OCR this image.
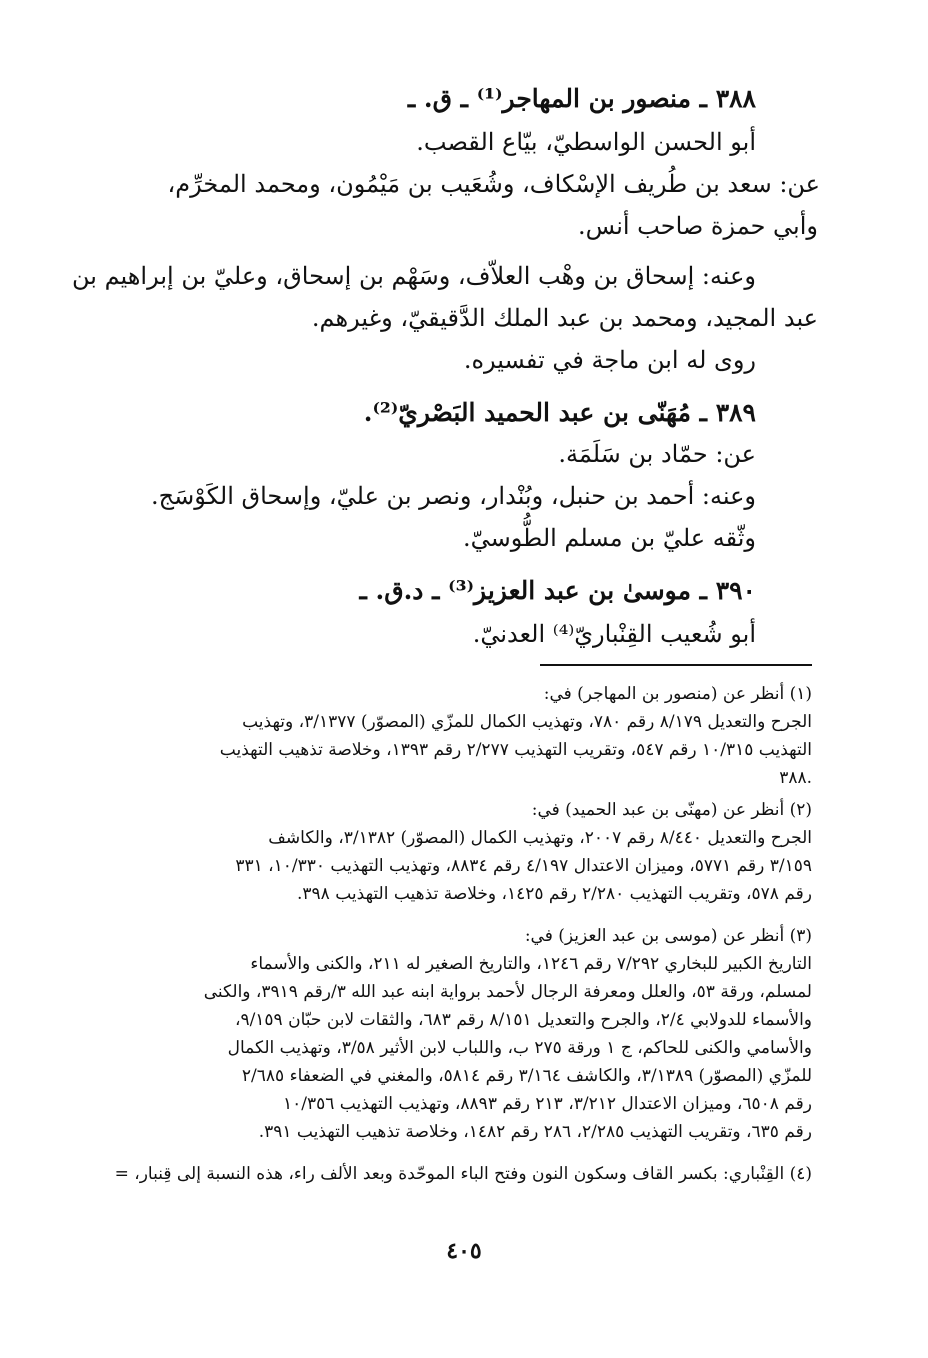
٣٨٨ ـ منصور بن المهاجر⁽¹⁾ ـ ق. ـ
أبو الحسن الواسطيّ، بيّاع القصب.
عن: سعد بن طُريف الإسْكاف، وشُعَيب بن مَيْمُون، ومحمد المخرِّم،
وأبي حمزة صاحب أنس.
وعنه: إسحاق بن وهْب العلاّف، وسَهْم بن إسحاق، وعليّ بن إبراهيم بن
عبد المجيد، ومحمد بن عبد الملك الدَّقيقيّ، وغيرهم.
روى له ابن ماجة في تفسيره.
٣٨٩ ـ مُهَنّى بن عبد الحميد البَصْريّ⁽²⁾.
عن: حمّاد بن سَلَمَة.
وعنه: أحمد بن حنبل، وبُنْدار، ونصر بن عليّ، وإسحاق الكَوْسَج.
وثّقه عليّ بن مسلم الطُّوسيّ.
٣٩٠ ـ موسىٰ بن عبد العزيز⁽³⁾ ـ د.ق. ـ
أبو شُعيب القِنْباريّ⁽⁴⁾ العدنيّ.
(١) أنظر عن (منصور بن المهاجر) في:
الجرح والتعديل ٨/١٧٩ رقم ٧٨٠، وتهذيب الكمال للمزّي (المصوّر) ٣/١٣٧٧، وتهذيب
التهذيب ١٠/٣١٥ رقم ٥٤٧، وتقريب التهذيب ٢/٢٧٧ رقم ١٣٩٣، وخلاصة تذهيب التهذيب
٣٨٨.
(٢) أنظر عن (مهنّى بن عبد الحميد) في:
الجرح والتعديل ٨/٤٤٠ رقم ٢٠٠٧، وتهذيب الكمال (المصوّر) ٣/١٣٨٢، والكاشف
٣/١٥٩ رقم ٥٧٧١، وميزان الاعتدال ٤/١٩٧ رقم ٨٨٣٤، وتهذيب التهذيب ١٠/٣٣٠، ٣٣١
رقم ٥٧٨، وتقريب التهذيب ٢/٢٨٠ رقم ١٤٢٥، وخلاصة تذهيب التهذيب ٣٩٨.
(٣) أنظر عن (موسى بن عبد العزيز) في:
التاريخ الكبير للبخاري ٧/٢٩٢ رقم ١٢٤٦، والتاريخ الصغير له ٢١١، والكنى والأسماء
لمسلم، ورقة ٥٣، والعلل ومعرفة الرجال لأحمد برواية ابنه عبد الله ٣/رقم ٣٩١٩، والكنى
والأسماء للدولابي ٢/٤، والجرح والتعديل ٨/١٥١ رقم ٦٨٣، والثقات لابن حبّان ٩/١٥٩،
والأسامي والكنى للحاكم، ج ١ ورقة ٢٧٥ ب، واللباب لابن الأثير ٣/٥٨، وتهذيب الكمال
للمزّي (المصوّر) ٣/١٣٨٩، والكاشف ٣/١٦٤ رقم ٥٨١٤، والمغني في الضعفاء ٢/٦٨٥
رقم ٦٥٠٨، وميزان الاعتدال ٣/٢١٢، ٢١٣ رقم ٨٨٩٣، وتهذيب التهذيب ١٠/٣٥٦
رقم ٦٣٥، وتقريب التهذيب ٢/٢٨٥، ٢٨٦ رقم ١٤٨٢، وخلاصة تذهيب التهذيب ٣٩١.
(٤) القِنْباري: بكسر القاف وسكون النون وفتح الباء الموحّدة وبعد الألف راء، هذه النسبة إلى قِنبار، =
٤٠٥
